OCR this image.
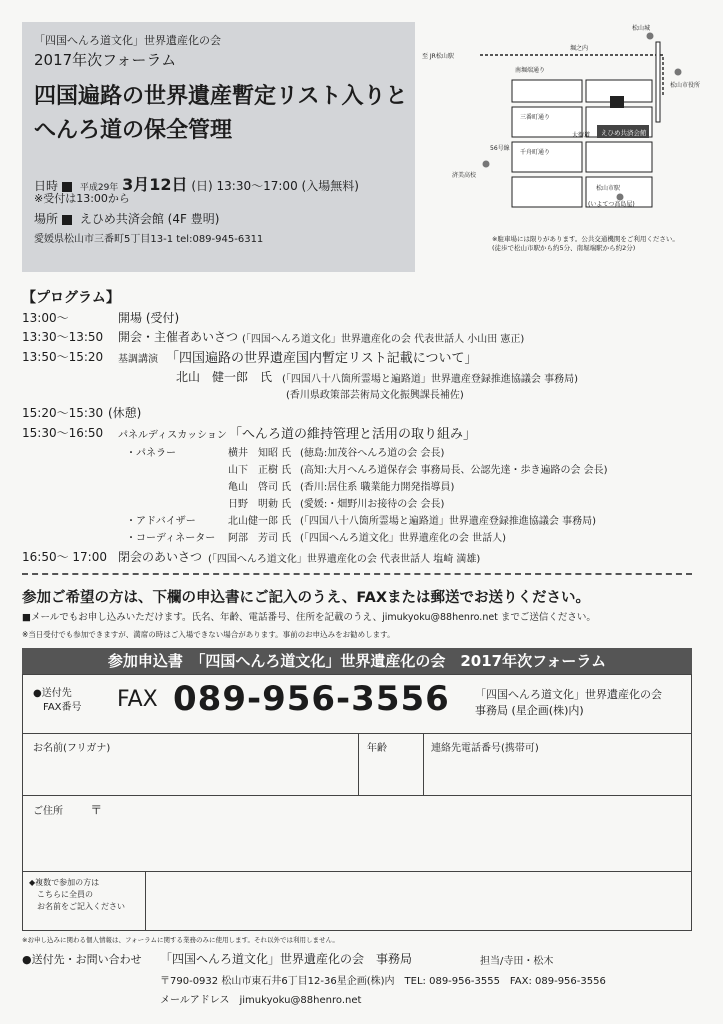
「四国へんろ道文化」世界遺産化の会
2017年次フォーラム
四国遍路の世界遺産暫定リスト入りと
へんろ道の保全管理
日時 平成29年 3月12日 (日) 13:30〜17:00 (入場無料)
※受付は13:00から
場所 えひめ共済会館 (4F 豊明)
愛媛県松山市三番町5丁目13-1 tel:089-945-6311
えひめ共済会館
至 JR松山駅
堀之内
松山城
松山市役所
南堀端通り
三番町通り
千舟町通り
56号線
大街道
済美高校
松山市駅
(いよてつ髙島屋)
※駐車場には限りがあります。公共交通機関をご利用ください。
(徒歩で松山市駅から約5分、南堀端駅から約2分)
【プログラム】
13:00〜	開場 (受付)
13:30〜13:50 開会・主催者あいさつ (「四国へんろ道文化」世界遺産化の会 代表世話人 小山田 憲正)
13:50〜15:20 基調講演 「四国遍路の世界遺産国内暫定リスト記載について」
北山　健一郎　氏 (「四国八十八箇所霊場と遍路道」世界遺産登録推進協議会 事務局)
(香川県政策部芸術局文化振興課長補佐)
15:20〜15:30 (休憩)
15:30〜16:50 パネルディスカッション 「へんろ道の維持管理と活用の取り組み」
・パネラー	横井　知昭 氏 (徳島:加茂谷へんろ道の会 会長)
山下　正樹 氏 (高知:大月へんろ道保存会 事務局長、公認先達・歩き遍路の会 会長)
亀山　啓司 氏 (香川:居住系 職業能力開発指導員)
日野　明勅 氏 (愛媛:・畑野川お接待の会 会長)
・アドバイザー	北山健一郎 氏 (「四国八十八箇所霊場と遍路道」世界遺産登録推進協議会 事務局)
・コーディネーター 阿部　芳司 氏 (「四国へんろ道文化」世界遺産化の会 世話人)
16:50〜 17:00 閉会のあいさつ (「四国へんろ道文化」世界遺産化の会 代表世話人 塩崎 満雄)
参加ご希望の方は、下欄の申込書にご記入のうえ、FAXまたは郵送でお送りください。
■メールでもお申し込みいただけます。氏名、年齢、電話番号、住所を記載のうえ、jimukyoku@88henro.net までご送信ください。
※当日受付でも参加できますが、満席の時はご入場できない場合があります。事前のお申込みをお勧めします。
参加申込書　「四国へんろ道文化」世界遺産化の会　2017年次フォーラム
●送付先
FAX番号 FAX 089-956-3556 「四国へんろ道文化」世界遺産化の会
事務局 (星企画(株)内)
お名前(フリガナ)	年齢	連絡先電話番号(携帯可)
ご住所 〒
◆複数で参加の方は
こちらに全員の
お名前をご記入ください
※お申し込みに関わる個人情報は、フォーラムに関する業務のみに使用します。それ以外では利用しません。
●送付先・お問い合わせ 「四国へんろ道文化」世界遺産化の会　事務局	担当/寺田・松木
〒790-0932 松山市東石井6丁目12-36星企画(株)内　TEL: 089-956-3555　FAX: 089-956-3556
メールアドレス　jimukyoku@88henro.net
